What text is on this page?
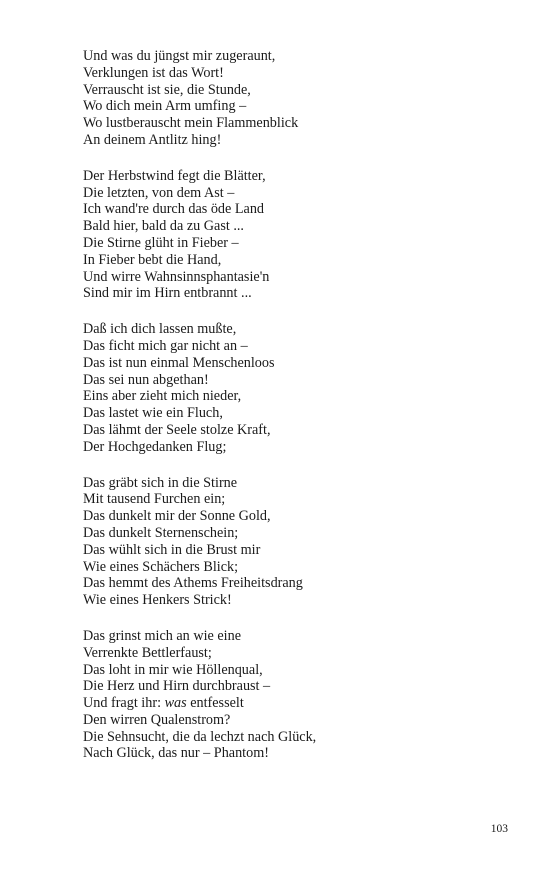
Und was du jüngst mir zugeraunt,
Verklungen ist das Wort!
Verrauscht ist sie, die Stunde,
Wo dich mein Arm umfing –
Wo lustberauscht mein Flammenblick
An deinem Antlitz hing!
Der Herbstwind fegt die Blätter,
Die letzten, von dem Ast –
Ich wand're durch das öde Land
Bald hier, bald da zu Gast ...
Die Stirne glüht in Fieber –
In Fieber bebt die Hand,
Und wirre Wahnsinnsphantasie'n
Sind mir im Hirn entbrannt ...
Daß ich dich lassen mußte,
Das ficht mich gar nicht an –
Das ist nun einmal Menschenloos
Das sei nun abgethan!
Eins aber zieht mich nieder,
Das lastet wie ein Fluch,
Das lähmt der Seele stolze Kraft,
Der Hochgedanken Flug;
Das gräbt sich in die Stirne
Mit tausend Furchen ein;
Das dunkelt mir der Sonne Gold,
Das dunkelt Sternenschein;
Das wühlt sich in die Brust mir
Wie eines Schächers Blick;
Das hemmt des Athems Freiheitsdrang
Wie eines Henkers Strick!
Das grinst mich an wie eine
Verrenkte Bettlerfaust;
Das loht in mir wie Höllenqual,
Die Herz und Hirn durchbraust –
Und fragt ihr: was entfesselt
Den wirren Qualenstrom?
Die Sehnsucht, die da lechzt nach Glück,
Nach Glück, das nur – Phantom!
103
